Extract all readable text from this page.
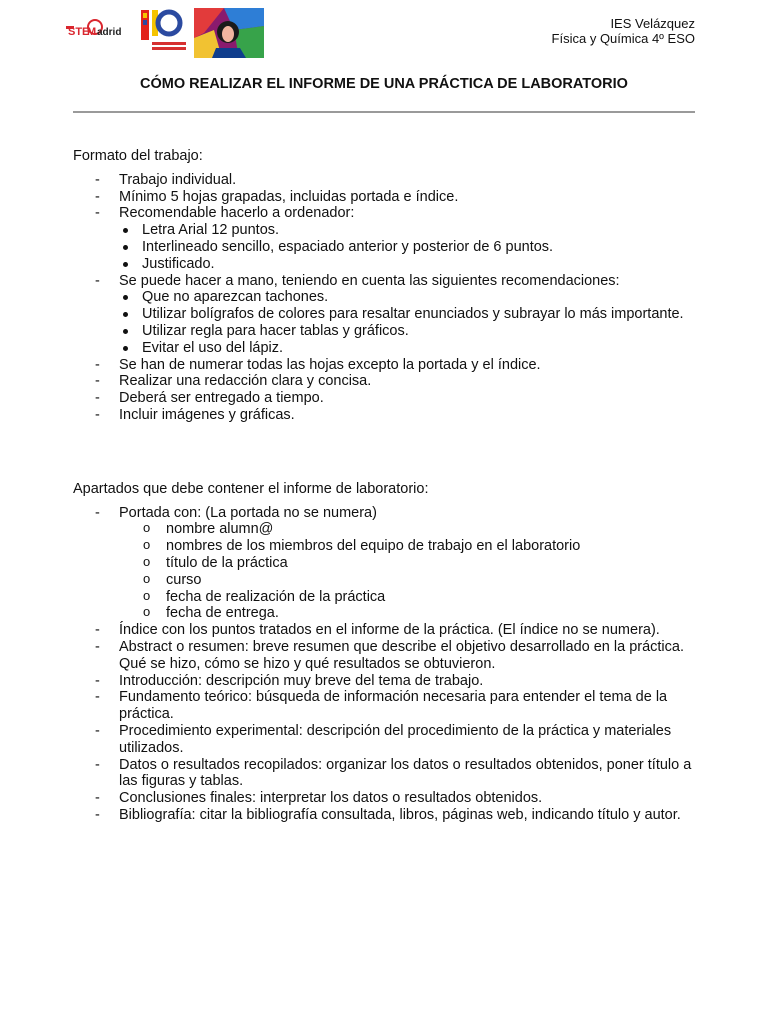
STE
M adrid
IES Velázquez
Física y Química 4º ESO
CÓMO REALIZAR EL INFORME DE UNA PRÁCTICA DE LABORATORIO
Formato del trabajo:
- Trabajo individual.
- Mínimo 5 hojas grapadas, incluidas portada e índice.
- Recomendable hacerlo a ordenador:
Letra Arial 12 puntos.
Interlineado sencillo, espaciado anterior y posterior de 6 puntos.
Justificado.
- Se puede hacer a mano, teniendo en cuenta las siguientes recomendaciones:
Que no aparezcan tachones.
Utilizar bolígrafos de colores para resaltar enunciados y subrayar lo más importante.
Utilizar regla para hacer tablas y gráficos.
Evitar el uso del lápiz.
- Se han de numerar todas las hojas excepto la portada y el índice.
- Realizar una redacción clara y concisa.
- Deberá ser entregado a tiempo.
- Incluir imágenes y gráficas.
Apartados que debe contener el informe de laboratorio:
- Portada con: (La portada no se numera)
o nombre alumn@
o nombres de los miembros del equipo de trabajo en el laboratorio
o título de la práctica
o curso
o fecha de realización de la práctica
o fecha de entrega.
- Índice con los puntos tratados en el informe de la práctica. (El índice no se numera).
- Abstract o resumen: breve resumen que describe el objetivo desarrollado en la práctica. Qué se hizo, cómo se hizo y qué resultados se obtuvieron.
- Introducción: descripción muy breve del tema de trabajo.
- Fundamento teórico: búsqueda de información necesaria para entender el tema de la práctica.
- Procedimiento experimental: descripción del procedimiento de la práctica y materiales utilizados.
- Datos o resultados recopilados: organizar los datos o resultados obtenidos, poner título a las figuras y tablas.
- Conclusiones finales: interpretar los datos o resultados obtenidos.
- Bibliografía: citar la bibliografía consultada, libros, páginas web, indicando título y autor.
